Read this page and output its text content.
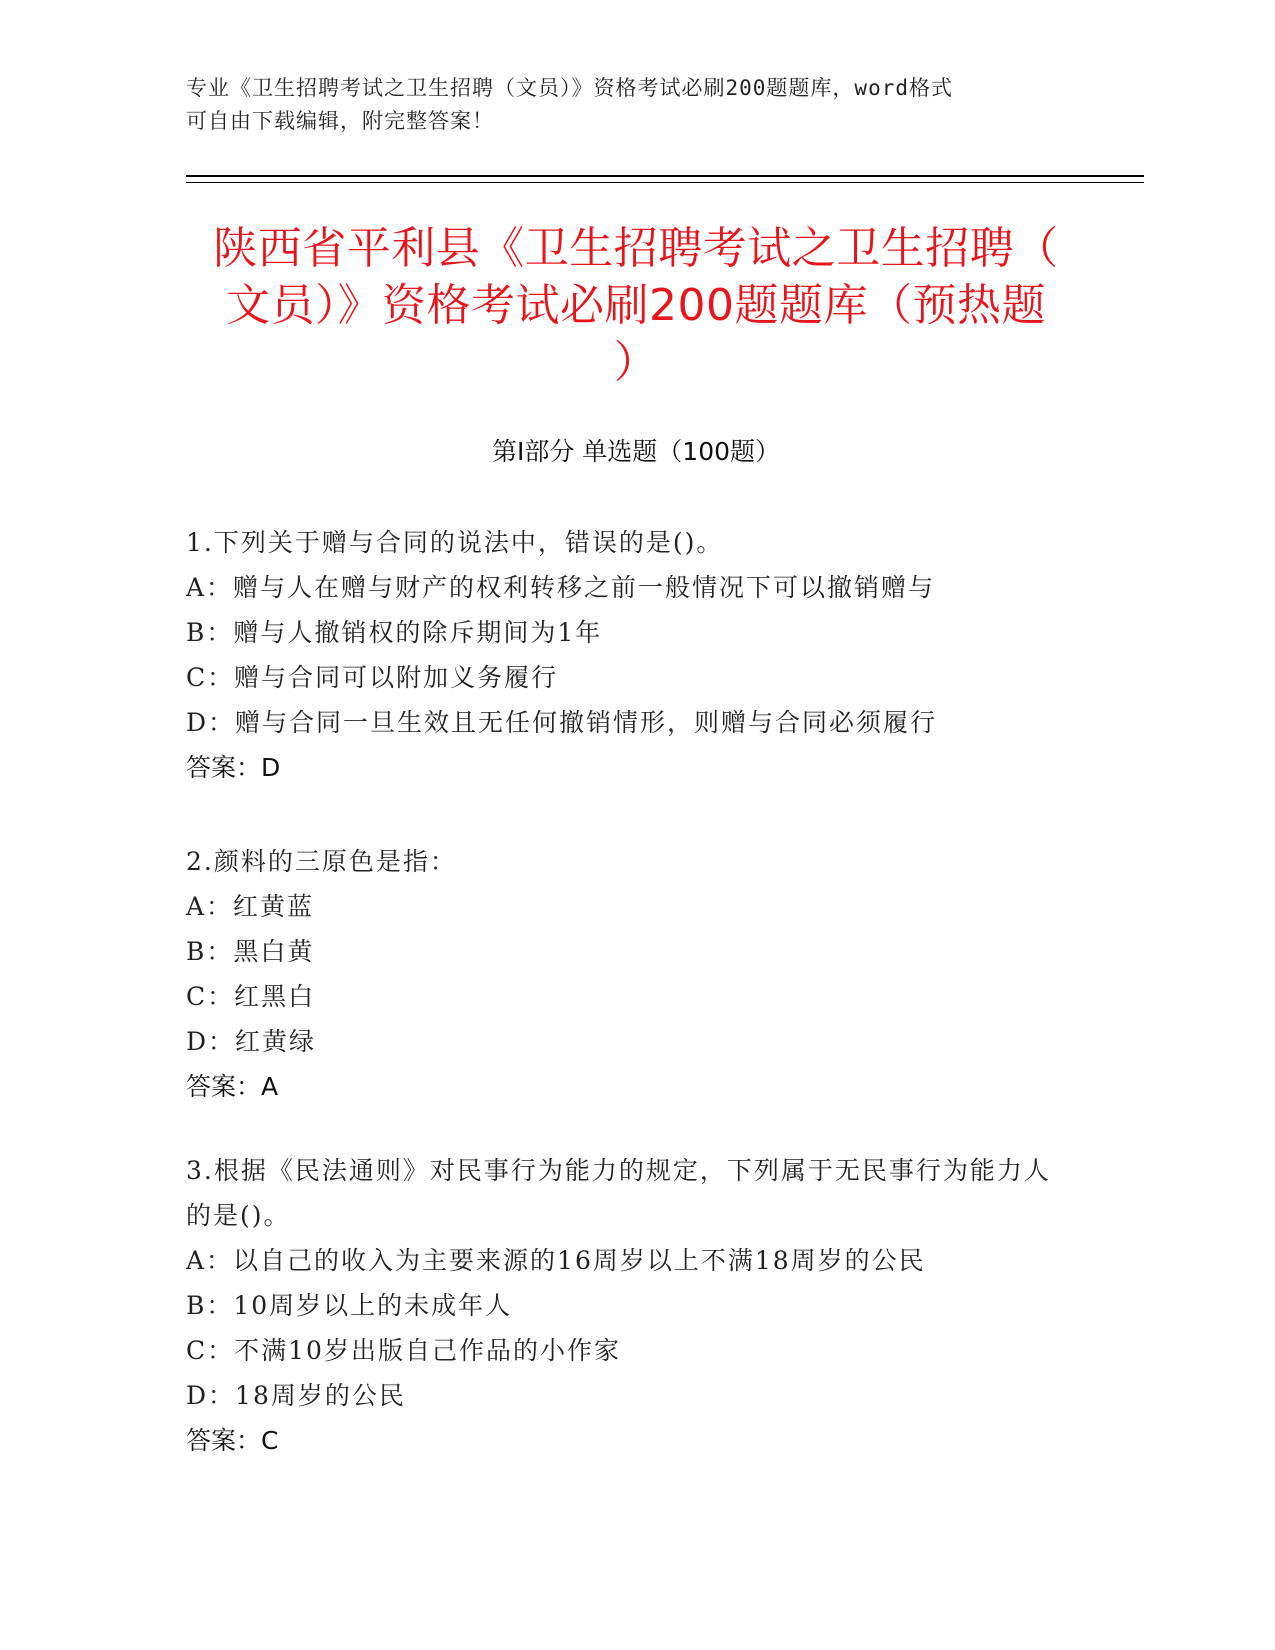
专业《卫生招聘考试之卫生招聘（文员）》资格考试必刷200题题库，word格式
可自由下载编辑，附完整答案！
陕西省平利县《卫生招聘考试之卫生招聘（
文员）》资格考试必刷200题题库（预热题
）
第Ⅰ部分 单选题（100题）

1.下列关于赠与合同的说法中，错误的是()。

A：赠与人在赠与财产的权利转移之前一般情况下可以撤销赠与

B：赠与人撤销权的除斥期间为1年

C：赠与合同可以附加义务履行

D：赠与合同一旦生效且无任何撤销情形，则赠与合同必须履行

答案：D

2.颜料的三原色是指：

A：红黄蓝

B：黑白黄

C：红黑白

D：红黄绿

答案：A

3.根据《民法通则》对民事行为能力的规定，下列属于无民事行为能力人的是()。

A：以自己的收入为主要来源的16周岁以上不满18周岁的公民

B：10周岁以上的未成年人

C：不满10岁出版自己作品的小作家

D：18周岁的公民

答案：C
